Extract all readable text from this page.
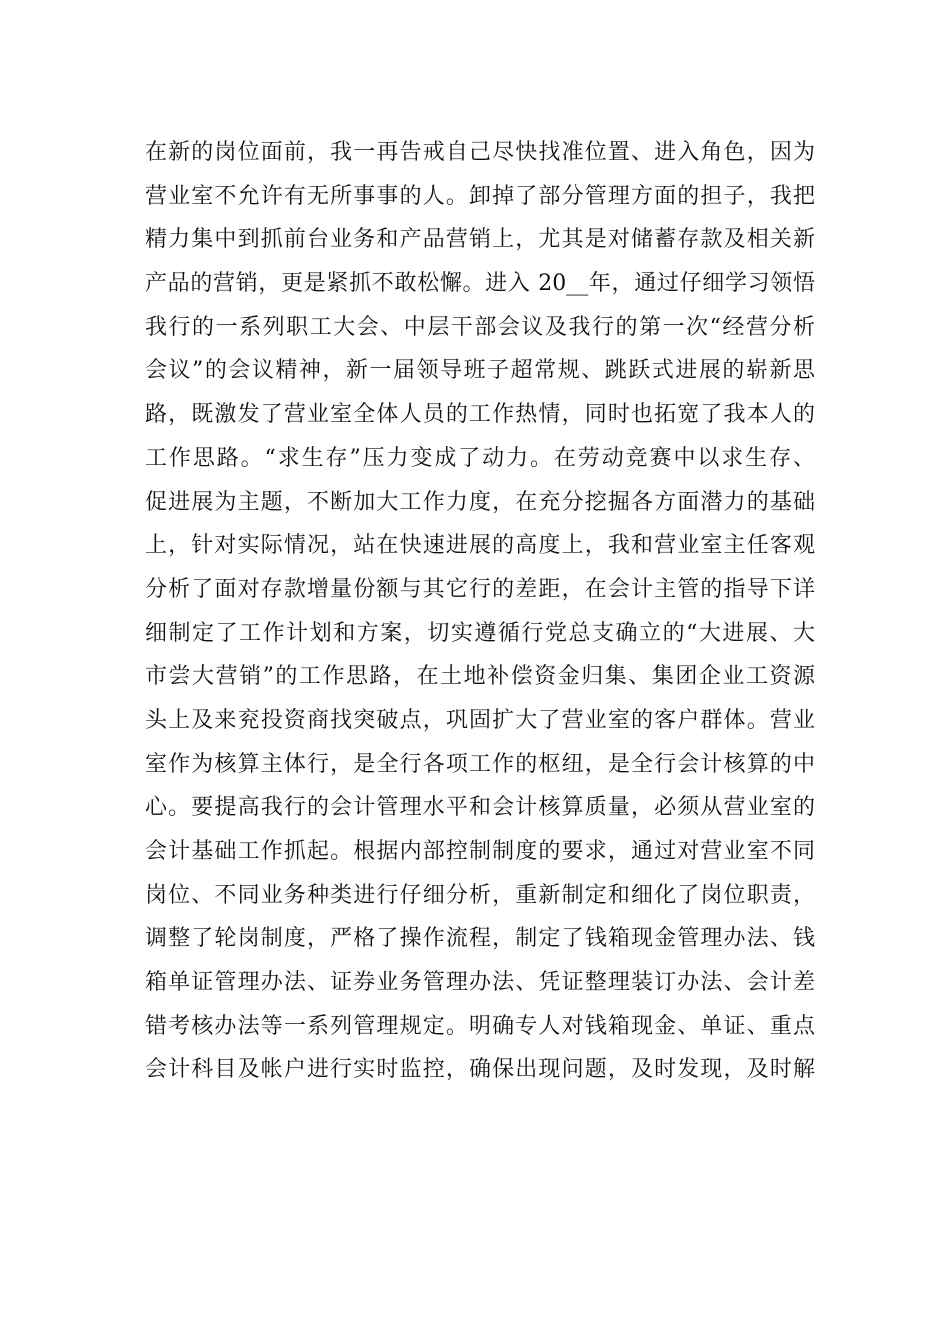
在新的岗位面前，我一再告戒自己尽快找准位置、进入角色，因为
营业室不允许有无所事事的人。卸掉了部分管理方面的担子，我把
精力集中到抓前台业务和产品营销上，尤其是对储蓄存款及相关新
产品的营销，更是紧抓不敢松懈。进入 20__年，通过仔细学习领悟
我行的一系列职工大会、中层干部会议及我行的第一次“经营分析
会议”的会议精神，新一届领导班子超常规、跳跃式进展的崭新思
路，既激发了营业室全体人员的工作热情，同时也拓宽了我本人的
工作思路。“求生存”压力变成了动力。在劳动竞赛中以求生存、
促进展为主题，不断加大工作力度，在充分挖掘各方面潜力的基础
上，针对实际情况，站在快速进展的高度上，我和营业室主任客观
分析了面对存款增量份额与其它行的差距，在会计主管的指导下详
细制定了工作计划和方案，切实遵循行党总支确立的“大进展、大
市尝大营销”的工作思路，在土地补偿资金归集、集团企业工资源
头上及来兖投资商找突破点，巩固扩大了营业室的客户群体。营业
室作为核算主体行，是全行各项工作的枢纽，是全行会计核算的中
心。要提高我行的会计管理水平和会计核算质量，必须从营业室的
会计基础工作抓起。根据内部控制制度的要求，通过对营业室不同
岗位、不同业务种类进行仔细分析，重新制定和细化了岗位职责，
调整了轮岗制度，严格了操作流程，制定了钱箱现金管理办法、钱
箱单证管理办法、证券业务管理办法、凭证整理装订办法、会计差
错考核办法等一系列管理规定。明确专人对钱箱现金、单证、重点
会计科目及帐户进行实时监控，确保出现问题，及时发现，及时解
